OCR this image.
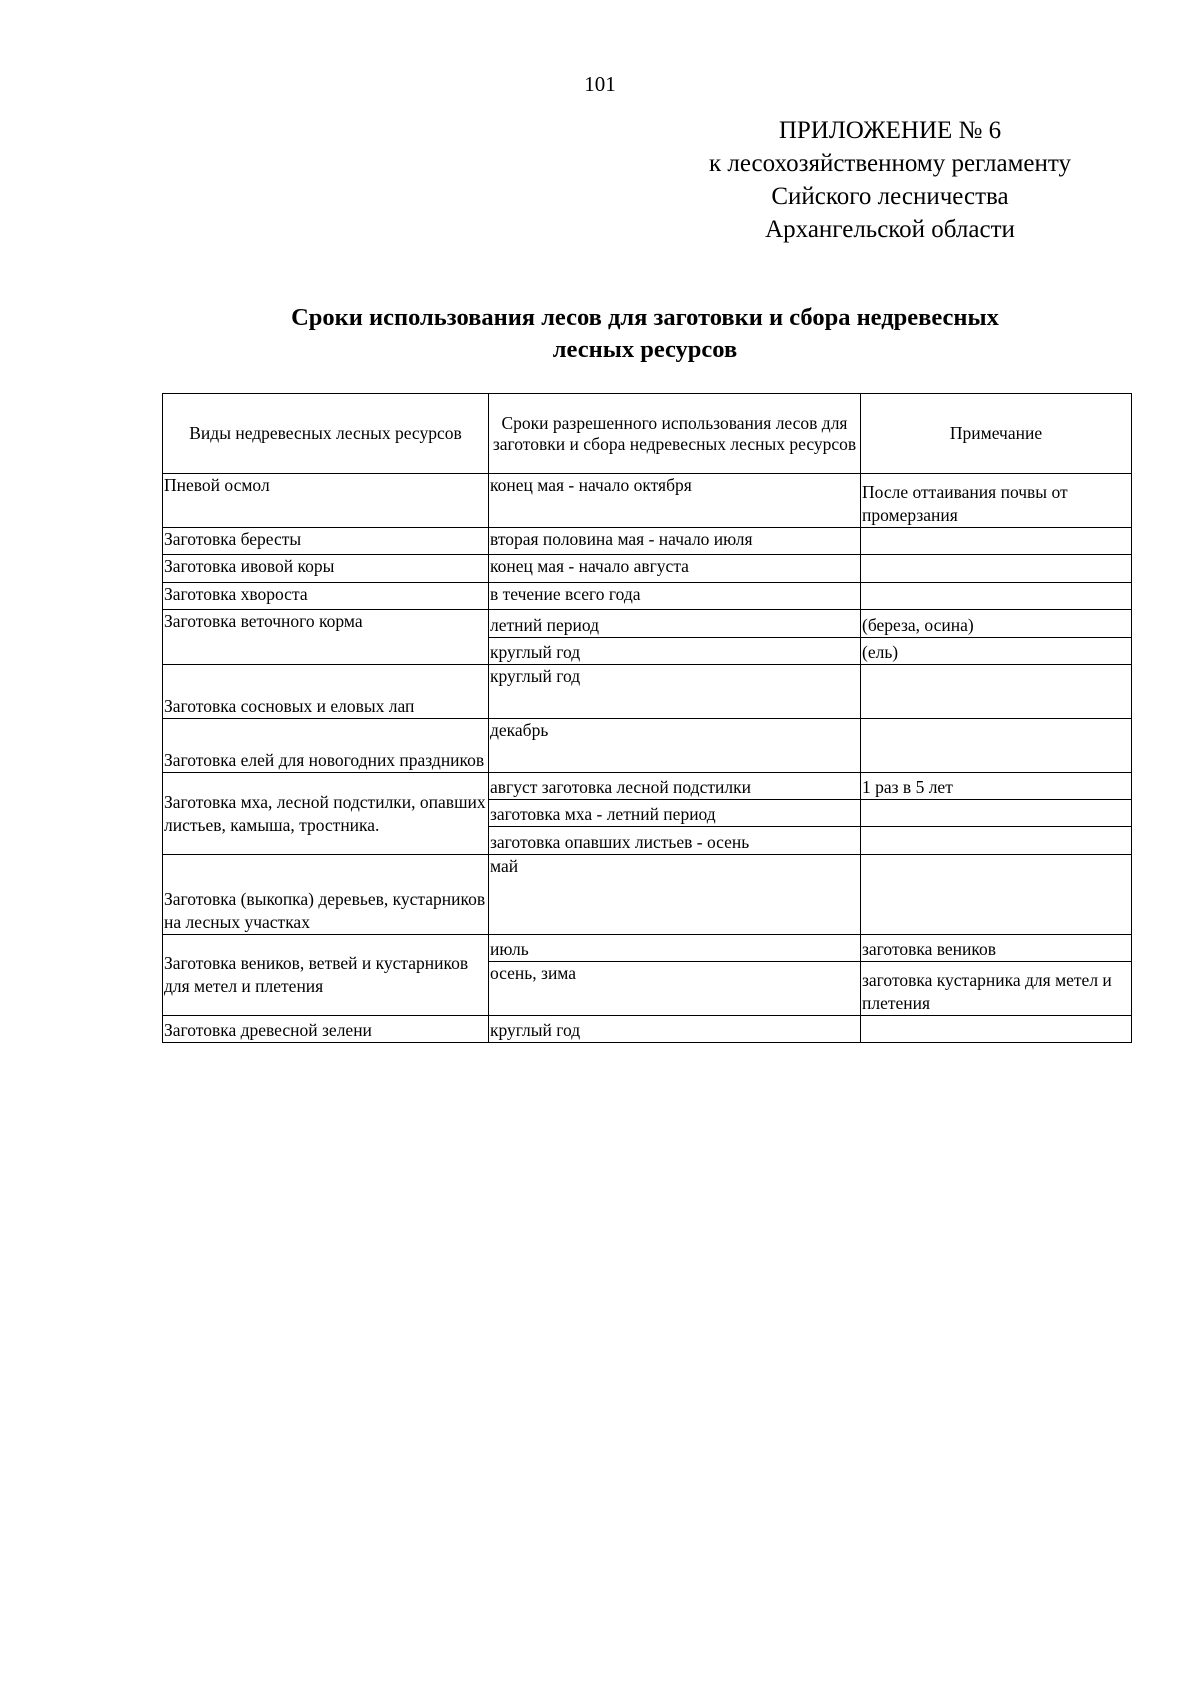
101
ПРИЛОЖЕНИЕ № 6
к лесохозяйственному регламенту
Сийского лесничества
Архангельской области
Сроки использования лесов для заготовки и сбора недревесных
лесных ресурсов
Виды недревесных лесных ресурсов	Сроки разрешенного использования лесов для заготовки и сбора недревесных лесных ресурсов	Примечание
Пневой осмол	конец мая - начало октября	После оттаивания почвы от промерзания
Заготовка бересты	вторая половина мая - начало июля	
Заготовка ивовой коры	конец мая - начало августа	
Заготовка хвороста	в течение всего года	
Заготовка веточного корма	летний период	(береза, осина)
	круглый год	(ель)
Заготовка сосновых и еловых лап	круглый год	
Заготовка елей для новогодних праздников	декабрь	
Заготовка мха, лесной подстилки, опавших листьев, камыша, тростника.	август заготовка лесной подстилки	1 раз в 5 лет
	заготовка мха - летний период	
	заготовка опавших листьев - осень	
Заготовка (выкопка) деревьев, кустарников на лесных участках	май	
Заготовка веников, ветвей и кустарников для метел и плетения	июль	заготовка веников
	осень, зима	заготовка кустарника для метел и плетения
Заготовка древесной зелени	круглый год	
